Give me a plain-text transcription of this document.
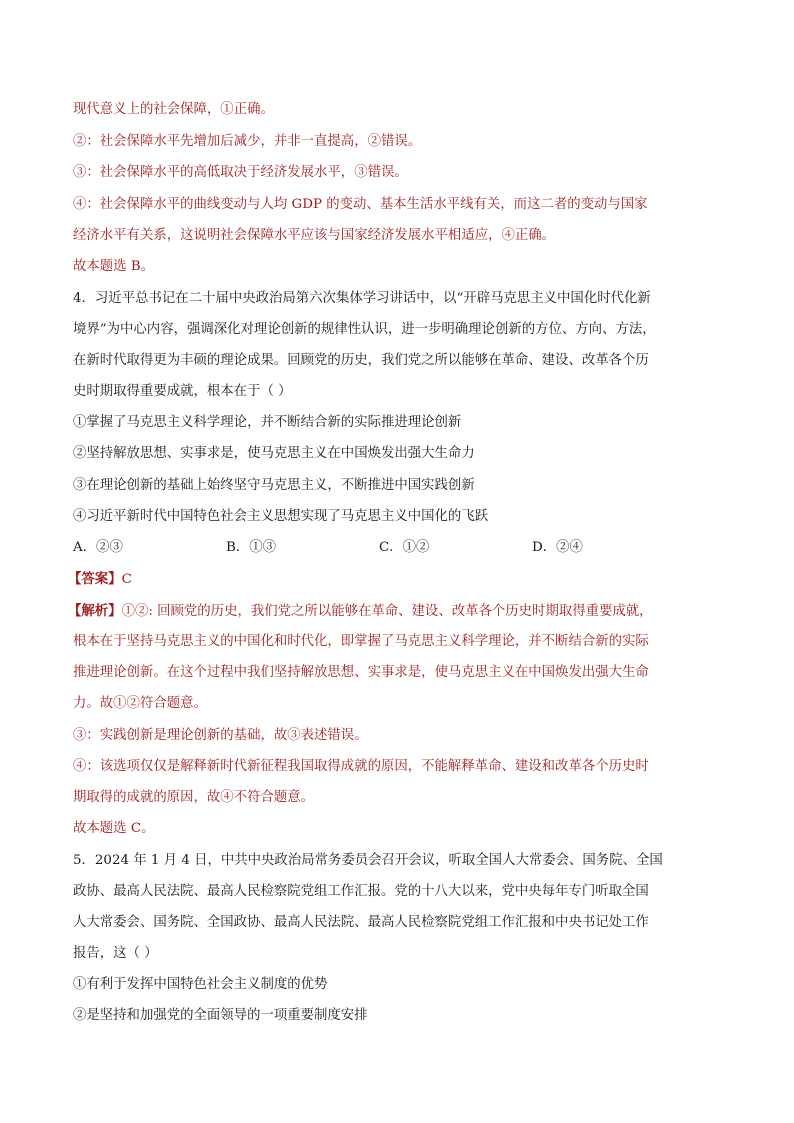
现代意义上的社会保障，①正确。
②：社会保障水平先增加后减少，并非一直提高，②错误。
③：社会保障水平的高低取决于经济发展水平，③错误。
④：社会保障水平的曲线变动与人均 GDP 的变动、基本生活水平线有关，而这二者的变动与国家
经济水平有关系，这说明社会保障水平应该与国家经济发展水平相适应，④正确。
故本题选 B。
4．习近平总书记在二十届中央政治局第六次集体学习讲话中，以“开辟马克思主义中国化时代化新
境界”为中心内容，强调深化对理论创新的规律性认识，进一步明确理论创新的方位、方向、方法，
在新时代取得更为丰硕的理论成果。回顾党的历史，我们党之所以能够在革命、建设、改革各个历
史时期取得重要成就，根本在于（ ）
①掌握了马克思主义科学理论，并不断结合新的实际推进理论创新
②坚持解放思想、实事求是，使马克思主义在中国焕发出强大生命力
③在理论创新的基础上始终坚守马克思主义，不断推进中国实践创新
④习近平新时代中国特色社会主义思想实现了马克思主义中国化的飞跃
A．②③	B．①③	C．①②	D．②④
【答案】C
【解析】①②: 回顾党的历史，我们党之所以能够在革命、建设、改革各个历史时期取得重要成就，
根本在于坚持马克思主义的中国化和时代化，即掌握了马克思主义科学理论，并不断结合新的实际
推进理论创新。在这个过程中我们坚持解放思想、实事求是，使马克思主义在中国焕发出强大生命
力。故①②符合题意。
③：实践创新是理论创新的基础，故③表述错误。
④：该选项仅仅是解释新时代新征程我国取得成就的原因，不能解释革命、建设和改革各个历史时
期取得的成就的原因，故④不符合题意。
故本题选 C。
5．2024 年 1 月 4 日，中共中央政治局常务委员会召开会议，听取全国人大常委会、国务院、全国
政协、最高人民法院、最高人民检察院党组工作汇报。党的十八大以来，党中央每年专门听取全国
人大常委会、国务院、全国政协、最高人民法院、最高人民检察院党组工作汇报和中央书记处工作
报告，这（ ）
①有利于发挥中国特色社会主义制度的优势
②是坚持和加强党的全面领导的一项重要制度安排
